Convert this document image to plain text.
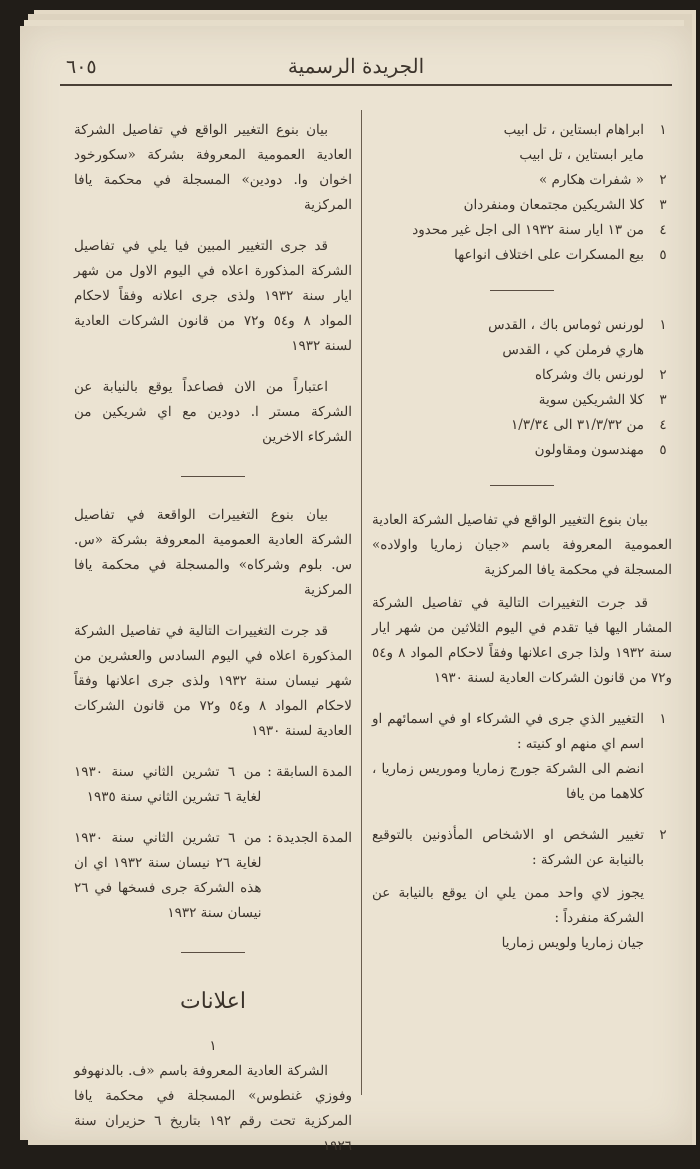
٦٠٥	الجريدة الرسمية
١
ابراهام ابستاين ، تل ابيب
ماير ابستاين ، تل ابيب
٢
« شفرات هكارم »
٣
كلا الشريكين مجتمعان ومنفردان
٤
من ١٣ ايار سنة ١٩٣٢ الى اجل غير محدود
٥
بيع المسكرات على اختلاف انواعها
١
لورنس ثوماس باك ، القدس
هاري فرملن كي ، القدس
٢
لورنس باك وشركاه
٣
كلا الشريكين سوية
٤
من ٣١/٣/٣٢ الى ١/٣/٣٤
٥
مهندسون ومقاولون

بيان بنوع التغيير الواقع في تفاصيل الشركة العادية العمومية المعروفة باسم «جيان زماريا واولاده» المسجلة في محكمة يافا المركزية

قد جرت التغييرات التالية في تفاصيل الشركة المشار اليها فيا تقدم في اليوم الثلاثين من شهر ايار سنة ١٩٣٢ ولذا جرى اعلانها وفقاً لاحكام المواد ٨ و٥٤ و٧٢ من قانون الشركات العادية لسنة ١٩٣٠

١
التغيير الذي جرى في الشركاء او في اسمائهم او اسم اي منهم او كنيته :
انضم الى الشركة جورج زماريا وموريس زماريا ، كلاهما من يافا
٢
تغيير الشخص او الاشخاص المأذونين بالتوقيع بالنيابة عن الشركة :
يجوز لاي واحد ممن يلي ان يوقع بالنيابة عن الشركة منفرداً :
جيان زماريا ولويس زماريا

بيان بنوع التغيير الواقع في تفاصيل الشركة العادية العمومية المعروفة بشركة «سكورخود اخوان وا. دودين» المسجلة في محكمة يافا المركزية

قد جرى التغيير المبين فيا يلي في تفاصيل الشركة المذكورة اعلاه في اليوم الاول من شهر ايار سنة ١٩٣٢ ولذى جرى اعلانه وفقاً لاحكام المواد ٨ و٥٤ و٧٢ من قانون الشركات العادية لسنة ١٩٣٢

اعتباراً من الان فصاعداً يوقع بالنيابة عن الشركة مستر ا. دودين مع اي شريكين من الشركاء الاخرين

بيان بنوع التغييرات الواقعة في تفاصيل الشركة العادية العمومية المعروفة بشركة «س. س. بلوم وشركاه» والمسجلة في محكمة يافا المركزية

قد جرت التغييرات التالية في تفاصيل الشركة المذكورة اعلاه في اليوم السادس والعشرين من شهر نيسان سنة ١٩٣٢ ولذى جرى اعلانها وفقاً لاحكام المواد ٨ و٥٤ و٧٢ من قانون الشركات العادية لسنة ١٩٣٠

المدة السابقة :
من ٦ تشرين الثاني سنة ١٩٣٠ لغاية ٦ تشرين الثاني سنة ١٩٣٥
المدة الجديدة :
من ٦ تشرين الثاني سنة ١٩٣٠ لغاية ٢٦ نيسان سنة ١٩٣٢ اي ان هذه الشركة جرى فسخها في ٢٦ نيسان سنة ١٩٣٢
اعلانات

١

الشركة العادية المعروفة باسم «ف. بالدنهوفو وفوزي غنطوس» المسجلة في محكمة يافا المركزية تحت رقم ١٩٢ بتاريخ ٦ حزيران سنة ١٩٢٦
